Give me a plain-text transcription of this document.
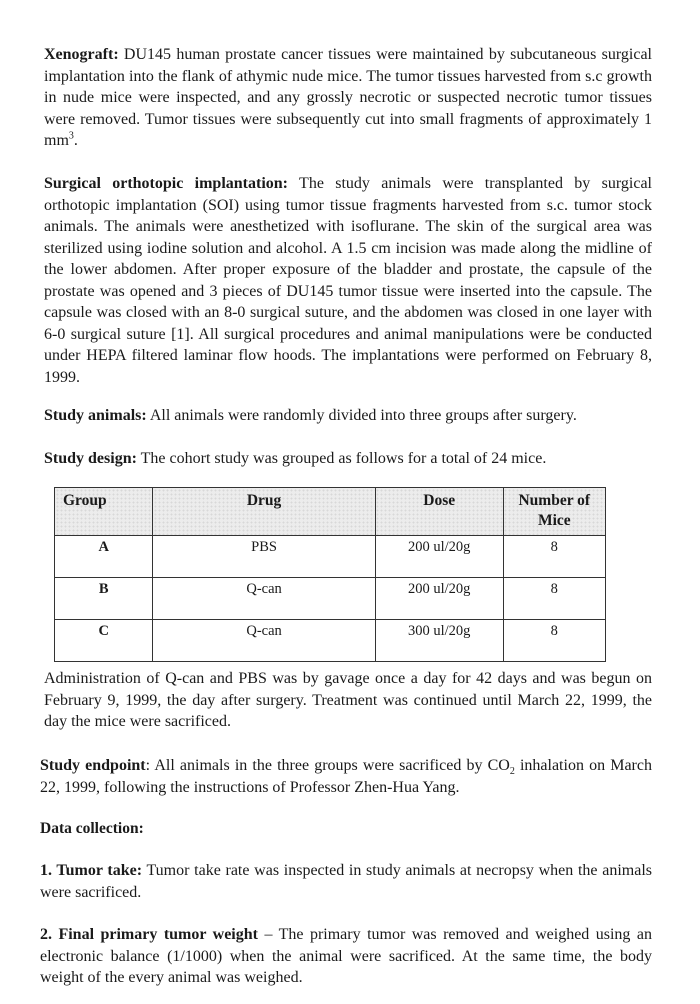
Xenograft: DU145 human prostate cancer tissues were maintained by subcutaneous surgical implantation into the flank of athymic nude mice. The tumor tissues harvested from s.c growth in nude mice were inspected, and any grossly necrotic or suspected necrotic tumor tissues were removed. Tumor tissues were subsequently cut into small fragments of approximately 1 $mm^3$.

Surgical orthotopic implantation: The study animals were transplanted by surgical orthotopic implantation (SOI) using tumor tissue fragments harvested from s.c. tumor stock animals. The animals were anesthetized with isoflurane. The skin of the surgical area was sterilized using iodine solution and alcohol. A 1.5 cm incision was made along the midline of the lower abdomen. After proper exposure of the bladder and prostate, the capsule of the prostate was opened and 3 pieces of DU145 tumor tissue were inserted into the capsule. The capsule was closed with an 8-0 surgical suture, and the abdomen was closed in one layer with 6-0 surgical suture [1]. All surgical procedures and animal manipulations were be conducted under HEPA filtered laminar flow hoods. The implantations were performed on February 8, 1999.

Study animals: All animals were randomly divided into three groups after surgery.

Study design: The cohort study was grouped as follows for a total of 24 mice.

Group	Drug	Dose	Number of Mice
A	PBS	200 ul/20g	8
B	Q-can	200 ul/20g	8
C	Q-can	300 ul/20g	8

Administration of Q-can and PBS was by gavage once a day for 42 days and was begun on February 9, 1999, the day after surgery. Treatment was continued until March 22, 1999, the day the mice were sacrificed.

Study endpoint: All animals in the three groups were sacrificed by $CO_2$ inhalation on March 22, 1999, following the instructions of Professor Zhen-Hua Yang.

Data collection:

1. Tumor take: Tumor take rate was inspected in study animals at necropsy when the animals were sacrificed.

2. Final primary tumor weight – The primary tumor was removed and weighed using an electronic balance (1/1000) when the animal were sacrificed. At the same time, the body weight of the every animal was weighed.
